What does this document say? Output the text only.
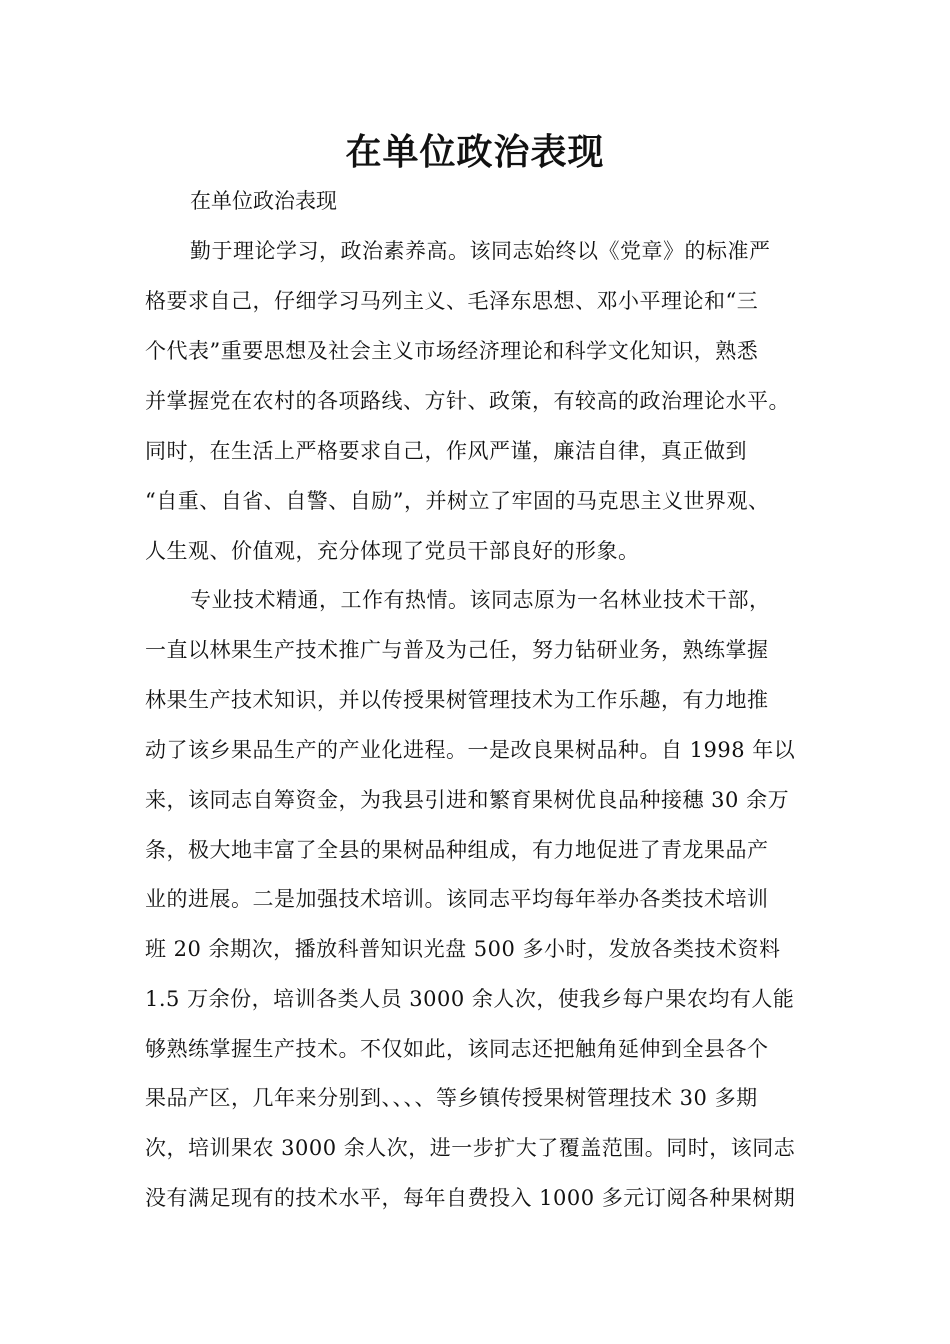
在单位政治表现

在单位政治表现

勤于理论学习，政治素养高。该同志始终以《党章》的标准严

格要求自己，仔细学习马列主义、毛泽东思想、邓小平理论和“三

个代表”重要思想及社会主义市场经济理论和科学文化知识，熟悉

并掌握党在农村的各项路线、方针、政策，有较高的政治理论水平。

同时，在生活上严格要求自己，作风严谨，廉洁自律，真正做到

“自重、自省、自警、自励”，并树立了牢固的马克思主义世界观、

人生观、价值观，充分体现了党员干部良好的形象。

专业技术精通，工作有热情。该同志原为一名林业技术干部，

一直以林果生产技术推广与普及为己任，努力钻研业务，熟练掌握

林果生产技术知识，并以传授果树管理技术为工作乐趣，有力地推

动了该乡果品生产的产业化进程。一是改良果树品种。自 1998 年以

来，该同志自筹资金，为我县引进和繁育果树优良品种接穗 30 余万

条，极大地丰富了全县的果树品种组成，有力地促进了青龙果品产

业的进展。二是加强技术培训。该同志平均每年举办各类技术培训

班 20 余期次，播放科普知识光盘 500 多小时，发放各类技术资料

1.5 万余份，培训各类人员 3000 余人次，使我乡每户果农均有人能

够熟练掌握生产技术。不仅如此，该同志还把触角延伸到全县各个

果品产区，几年来分别到、、、、等乡镇传授果树管理技术 30 多期

次，培训果农 3000 余人次，进一步扩大了覆盖范围。同时，该同志

没有满足现有的技术水平，每年自费投入 1000 多元订阅各种果树期
